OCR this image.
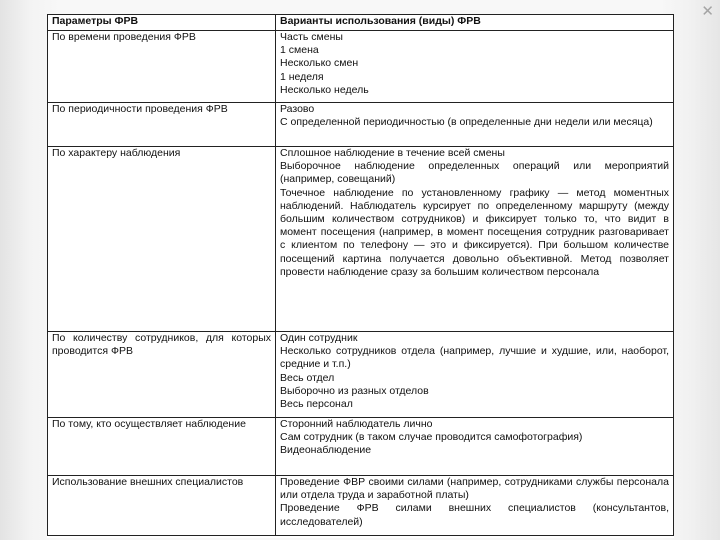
✕
Параметры ФРВ	Варианты использования (виды) ФРВ
По времени проведения ФРВ	Часть смены
1 смена
Несколько смен
1 неделя
Несколько недель

По периодичности проведения ФРВ	Разово
С определенной периодичностью (в определенные дни недели или месяца)

По характеру наблюдения	Сплошное наблюдение в течение всей смены
Выборочное наблюдение определенных операций или мероприятий (например, совещаний)
Точечное наблюдение по установленному графику — метод моментных наблюдений. Наблюдатель курсирует по определенному маршруту (между большим количеством сотрудников) и фиксирует только то, что видит в момент посещения (например, в момент посещения сотрудник разговаривает с клиентом по телефону — это и фиксируется). При большом количестве посещений картина получается довольно объективной. Метод позволяет провести наблюдение сразу за большим количеством персонала

По количеству сотрудников, для которых проводится ФРВ	Один сотрудник
Несколько сотрудников отдела (например, лучшие и худшие, или, наоборот, средние и т.п.)
Весь отдел
Выборочно из разных отделов
Весь персонал

По тому, кто осуществляет наблюдение	Сторонний наблюдатель лично
Сам сотрудник (в таком случае проводится самофотография)
Видеонаблюдение

Использование внешних специалистов	Проведение ФВР своими силами (например, сотрудниками службы персонала или отдела труда и заработной платы)
Проведение ФРВ силами внешних специалистов (консультантов, исследователей)
